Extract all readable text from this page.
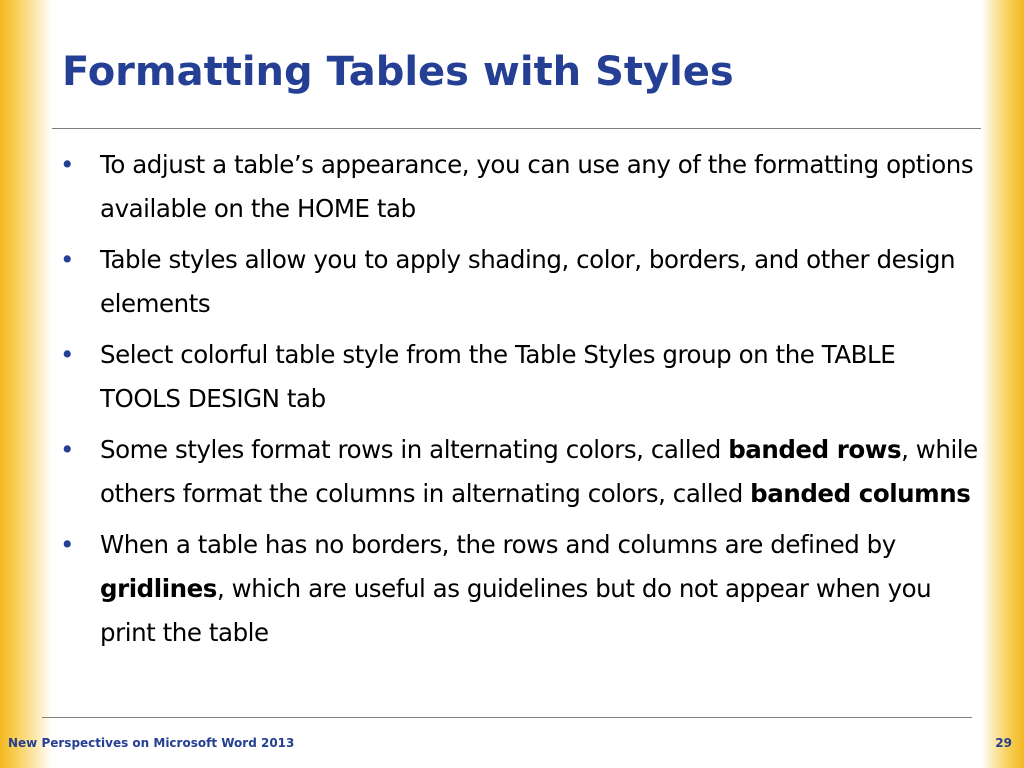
Formatting Tables with Styles
•	To adjust a table’s appearance, you can use any of the formatting options available on the HOME tab
•	Table styles allow you to apply shading, color, borders, and other design elements
•	Select colorful table style from the Table Styles group on the TABLE TOOLS DESIGN tab
•	Some styles format rows in alternating colors, called banded rows, while others format the columns in alternating colors, called banded columns
•	When a table has no borders, the rows and columns are defined by gridlines, which are useful as guidelines but do not appear when you print the table
New Perspectives on Microsoft Word 2013	29
